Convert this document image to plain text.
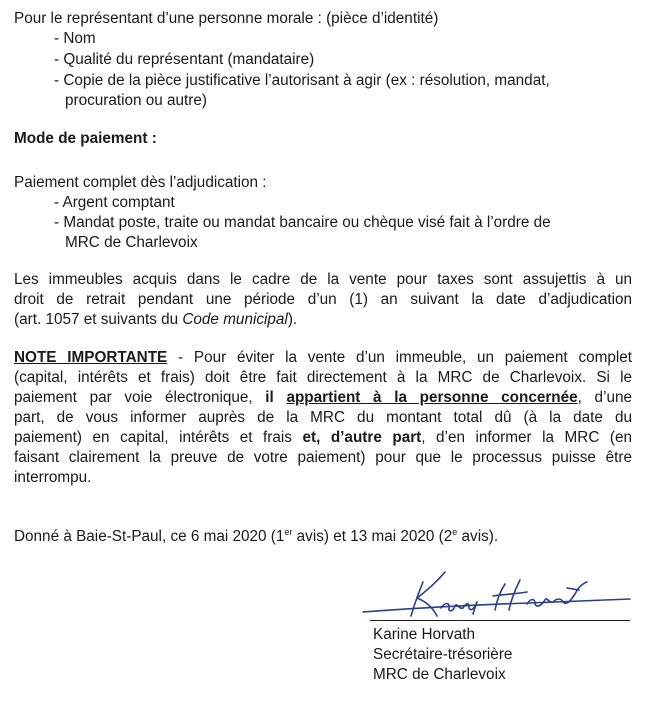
Pour le représentant d’une personne morale : (pièce d’identité)
- Nom
- Qualité du représentant (mandataire)
- Copie de la pièce justificative l’autorisant à agir (ex : résolution, mandat,
procuration ou autre)
Mode de paiement :
Paiement complet dès l’adjudication :
- Argent comptant
- Mandat poste, traite ou mandat bancaire ou chèque visé fait à l’ordre de
MRC de Charlevoix
Les immeubles acquis dans le cadre de la vente pour taxes sont assujettis à un
droit de retrait pendant une période d’un (1) an suivant la date d’adjudication
(art. 1057 et suivants du Code municipal).
NOTE IMPORTANTE - Pour éviter la vente d’un immeuble, un paiement complet
(capital, intérêts et frais) doit être fait directement à la MRC de Charlevoix. Si le
paiement par voie électronique, il appartient à la personne concernée, d’une
part, de vous informer auprès de la MRC du montant total dû (à la date du
paiement) en capital, intérêts et frais et, d’autre part, d’en informer la MRC (en
faisant clairement la preuve de votre paiement) pour que le processus puisse être
interrompu.
Donné à Baie-St-Paul, ce 6 mai 2020 (1er avis) et 13 mai 2020 (2e avis).
Karine Horvath
Secrétaire-trésorière
MRC de Charlevoix
